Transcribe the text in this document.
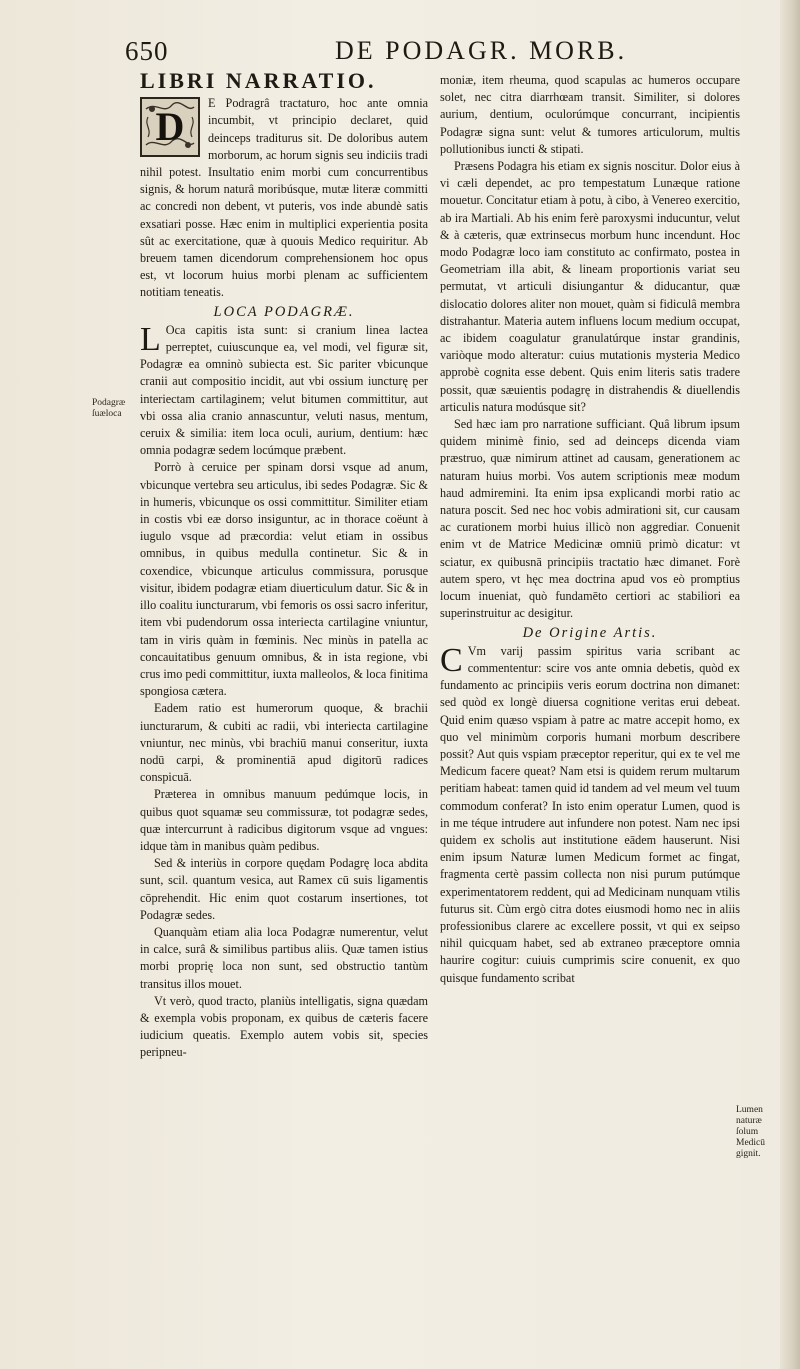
650	DE PODAGR. MORB.
LIBRI NARRATIO.

D
E Podragrâ tractaturo, hoc ante omnia incumbit, vt principio declaret, quid deinceps traditurus sit. De doloribus autem morborum, ac horum signis seu indiciis tradi nihil potest. Insultatio enim morbi cum concurrentibus signis, & horum naturâ moribúsque, mutæ literæ committi ac concredi non debent, vt puteris, vos inde abundè satis exsatiari posse. Hæc enim in multiplici experientia posita sût ac exercitatione, quæ à quouis Medico requiritur. Ab breuem tamen dicendorum comprehensionem hoc opus est, vt locorum huius morbi plenam ac sufficientem notitiam teneatis.

LOCA PODAGRÆ.

L Oca capitis ista sunt: si cranium linea lactea perreptet, cuiuscunque ea, vel modi, vel figuræ sit, Podagræ ea omninò subiecta est. Sic pariter vbicunque cranii aut compositio incidit, aut vbi ossium iuncturę per interiectam cartilaginem; velut bitumen committitur, aut vbi ossa alia cranio annascuntur, veluti nasus, mentum, ceruix & similia: item loca oculi, aurium, dentium: hæc omnia podagræ sedem locúmque præbent.

Porrò à ceruice per spinam dorsi vsque ad anum, vbicunque vertebra seu articulus, ibi sedes Podagræ. Sic & in humeris, vbicunque os ossi committitur. Similiter etiam in costis vbi eæ dorso insiguntur, ac in thorace coëunt à iugulo vsque ad præcordia: velut etiam in ossibus omnibus, in quibus medulla continetur. Sic & in coxendice, vbicunque articulus commissura, porusque visitur, ibidem podagræ etiam diuerticulum datur. Sic & in illo coalitu iuncturarum, vbi femoris os ossi sacro inferitur, item vbi pudendorum ossa interiecta cartilagine vniuntur, tam in viris quàm in fœminis. Nec minùs in patella ac concauitatibus genuum omnibus, & in ista regione, vbi crus imo pedi committitur, iuxta malleolos, & loca finitima spongiosa cætera.

Eadem ratio est humerorum quoque, & brachii iuncturarum, & cubiti ac radii, vbi interiecta cartilagine vniuntur, nec minùs, vbi brachiū manui conseritur, iuxta nodū carpi, & prominentiā apud digitorū radices conspicuā.

Præterea in omnibus manuum pedúmque locis, in quibus quot squamæ seu commissuræ, tot podagræ sedes, quæ intercurrunt à radicibus digitorum vsque ad vngues: idque tàm in manibus quàm pedibus.

Sed & interiùs in corpore quędam Podagrę loca abdita sunt, scil. quantum vesica, aut Ramex cū suis ligamentis cōprehendit. Hic enim quot costarum insertiones, tot Podagræ sedes.

Quanquàm etiam alia loca Podagræ numerentur, velut in calce, surâ & similibus partibus aliis. Quæ tamen istius morbi proprię loca non sunt, sed obstructio tantùm transitus illos mouet.

Vt verò, quod tracto, planiùs intelligatis, signa quædam & exempla vobis proponam, ex quibus de cæteris facere iudicium queatis. Exemplo autem vobis sit, species peripneu-

moniæ, item rheuma, quod scapulas ac humeros occupare solet, nec citra diarrhœam transit. Similiter, si dolores aurium, dentium, oculorúmque concurrant, incipientis Podagræ signa sunt: velut & tumores articulorum, multis pollutionibus iuncti & stipati.

Præsens Podagra his etiam ex signis noscitur. Dolor eius à vi cæli dependet, ac pro tempestatum Lunæque ratione mouetur. Concitatur etiam à potu, à cibo, à Venereo exercitio, ab ira Martiali. Ab his enim ferè paroxysmi inducuntur, velut & à cæteris, quæ extrinsecus morbum hunc incendunt. Hoc modo Podagræ loco iam constituto ac confirmato, postea in Geometriam illa abit, & lineam proportionis variat seu permutat, vt articuli disiungantur & diducantur, quæ dislocatio dolores aliter non mouet, quàm si fidiculâ membra distrahantur. Materia autem influens locum medium occupat, ac ibidem coagulatur granulatúrque instar grandinis, variòque modo alteratur: cuius mutationis mysteria Medico approbè cognita esse debent. Quis enim literis satis tradere possit, quæ sæuientis podagrę in distrahendis & diuellendis articulis natura modúsque sit?

Sed hæc iam pro narratione sufficiant. Quâ librum ipsum quidem minimè finio, sed ad deinceps dicenda viam præstruo, quæ nimirum attinet ad causam, generationem ac naturam huius morbi. Vos autem scriptionis meæ modum haud admiremini. Ita enim ipsa explicandi morbi ratio ac natura poscit. Sed nec hoc vobis admirationi sit, cur causam ac curationem morbi huius illicò non aggrediar. Conuenit enim vt de Matrice Medicinæ omniū primò dicatur: vt sciatur, ex quibusnā principiis tractatio hæc dimanet. Forè autem spero, vt hęc mea doctrina apud vos eò promptius locum inueniat, quò fundamēto certiori ac stabiliori ea superinstruitur ac desigitur.

De Origine Artis.

C Vm varij passim spiritus varia scribant ac commententur: scire vos ante omnia debetis, quòd ex fundamento ac principiis veris eorum doctrina non dimanet: sed quòd ex longè diuersa cognitione veritas erui debeat. Quid enim quæso vspiam à patre ac matre accepit homo, ex quo vel minimùm corporis humani morbum describere possit? Aut quis vspiam præceptor reperitur, qui ex te vel me Medicum facere queat? Nam etsi is quidem rerum multarum peritiam habeat: tamen quid id tandem ad vel meum vel tuum commodum conferat? In isto enim operatur Lumen, quod is in me téque intrudere aut infundere non potest. Nam nec ipsi quidem ex scholis aut institutione eādem hauserunt. Nisi enim ipsum Naturæ lumen Medicum formet ac fingat, fragmenta certè passim collecta non nisi purum putúmque experimentatorem reddent, qui ad Medicinam nunquam vtilis futurus sit. Cùm ergò citra dotes eiusmodi homo nec in aliis professionibus clarere ac excellere possit, vt qui ex seipso nihil quicquam habet, sed ab extraneo præceptore omnia haurire cogitur: cuiuis cumprimis scire conuenit, ex quo quisque fundamento scribat

Podagræ ſuæloca
Lumen naturæ ſolum Medicū gignit.
